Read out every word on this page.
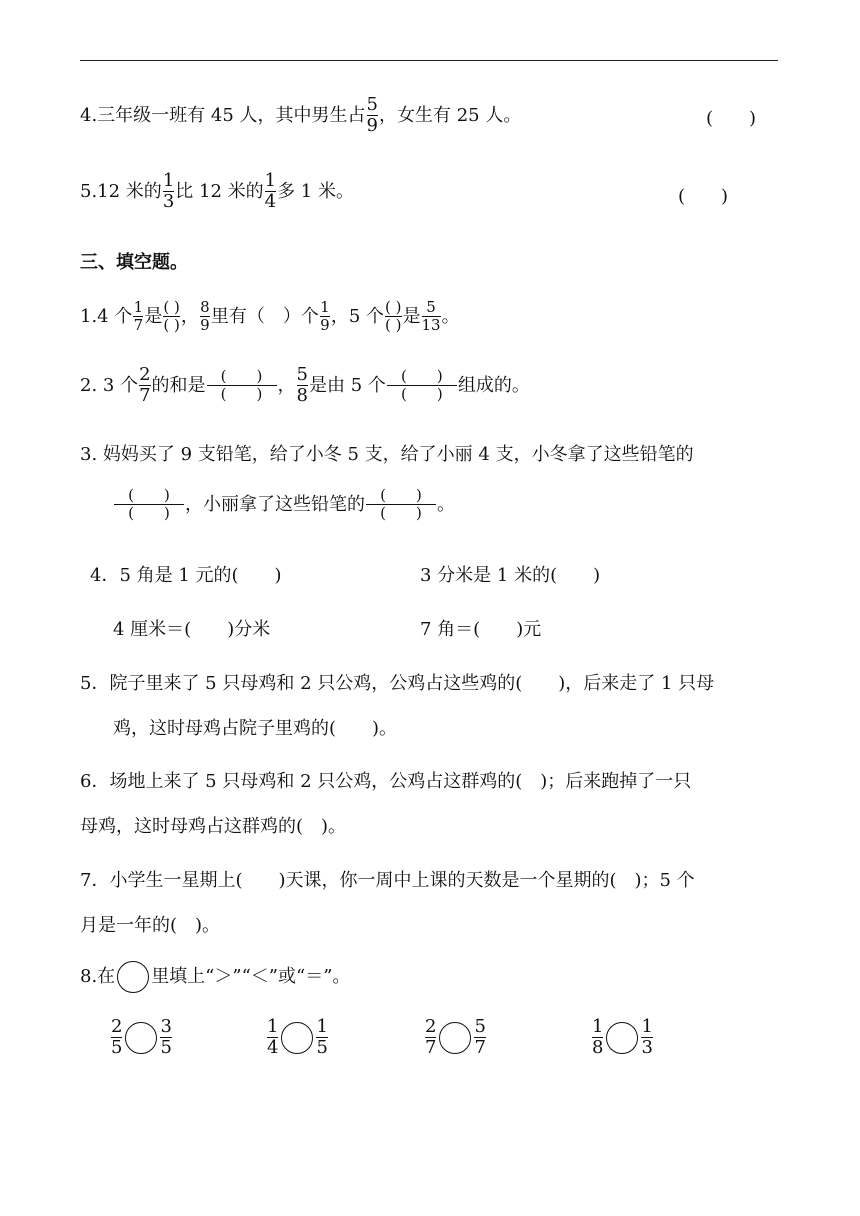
4.三年级一班有 45 人，其中男生占 $\frac{5}{9}$ ，女生有 25 人。	(　　)
5.12 米的 $\frac{1}{3}$ 比 12 米的 $\frac{1}{4}$ 多 1 米。	(　　)
三、填空题。
1.4 个 $\frac{1}{7}$ 是 $\frac{( )}{( )}$ ， $\frac{8}{9}$ 里有（　）个 $\frac{1}{9}$ ，5 个 $\frac{( )}{( )}$ 是 $\frac{5}{13}$ 。
2. 3 个 $\frac{2}{7}$ 的和是 $\frac{( )}{( )}$ ， $\frac{5}{8}$ 是由 5 个 $\frac{( )}{( )}$ 组成的。
3. 妈妈买了 9 支铅笔，给了小冬 5 支，给了小丽 4 支，小冬拿了这些铅笔的
$\frac{( )}{( )}$ ，小丽拿了这些铅笔的 $\frac{( )}{( )}$ 。
4．5 角是 1 元的(　　)	3 分米是 1 米的(　　)
4 厘米＝(　　)分米	7 角＝(　　)元
5．院子里来了 5 只母鸡和 2 只公鸡，公鸡占这些鸡的(　　)，后来走了 1 只母
鸡，这时母鸡占院子里鸡的(　　)。
6．场地上来了 5 只母鸡和 2 只公鸡，公鸡占这群鸡的(　)；后来跑掉了一只
母鸡，这时母鸡占这群鸡的(　)。
7．小学生一星期上(　　)天课，你一周中上课的天数是一个星期的(　)；5 个
月是一年的(　)。
8.在 里填上“＞”“＜”或“＝”。
$\frac{2}{5} \frac{3}{5}$	$\frac{1}{4} \frac{1}{5}$	$\frac{2}{7} \frac{5}{7}$	$\frac{1}{8} \frac{1}{3}$
